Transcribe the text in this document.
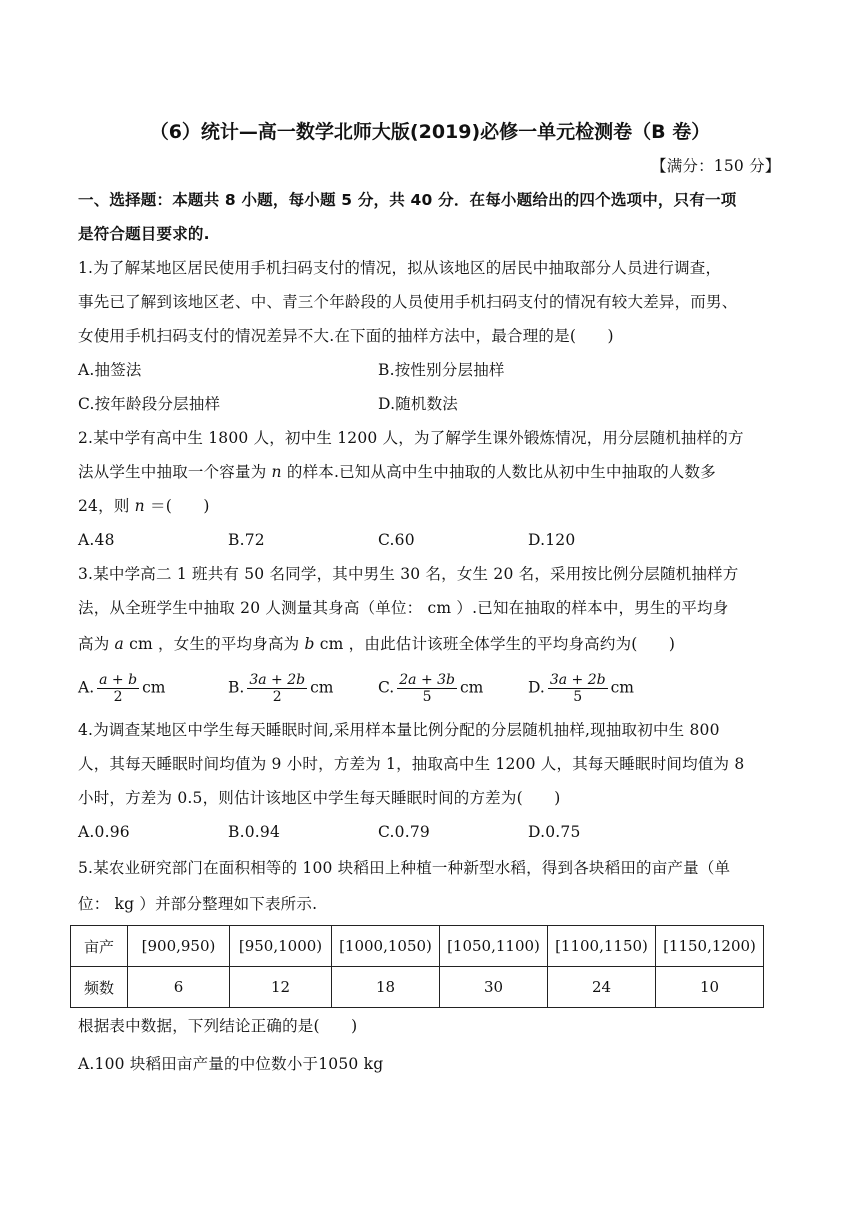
（6）统计—高一数学北师大版(2019)必修一单元检测卷（B 卷）
【满分：150 分】
一、选择题：本题共 8 小题，每小题 5 分，共 40 分．在每小题给出的四个选项中，只有一项
是符合题目要求的.
1.为了解某地区居民使用手机扫码支付的情况，拟从该地区的居民中抽取部分人员进行调查，
事先已了解到该地区老、中、青三个年龄段的人员使用手机扫码支付的情况有较大差异，而男、
女使用手机扫码支付的情况差异不大.在下面的抽样方法中，最合理的是(　　)
A.抽签法	B.按性别分层抽样
C.按年龄段分层抽样	D.随机数法
2.某中学有高中生 1800 人，初中生 1200 人，为了解学生课外锻炼情况，用分层随机抽样的方
法从学生中抽取一个容量为 n 的样本.已知从高中生中抽取的人数比从初中生中抽取的人数多
24，则 n ＝(　　)
A.48	B.72	C.60	D.120
3.某中学高二 1 班共有 50 名同学，其中男生 30 名，女生 20 名，采用按比例分层随机抽样方
法，从全班学生中抽取 20 人测量其身高（单位： cm ）.已知在抽取的样本中，男生的平均身
高为 a cm ，女生的平均身高为 b cm ，由此估计该班全体学生的平均身高约为(　　)
A. $\frac{a + b}{2}$ cm	B. $\frac{3a + 2b}{2}$ cm	C. $\frac{2a + 3b}{5}$ cm	D. $\frac{3a + 2b}{5}$ cm
4.为调查某地区中学生每天睡眠时间,采用样本量比例分配的分层随机抽样,现抽取初中生 800
人，其每天睡眠时间均值为 9 小时，方差为 1，抽取高中生 1200 人，其每天睡眠时间均值为 8
小时，方差为 0.5，则估计该地区中学生每天睡眠时间的方差为(　　)
A.0.96	B.0.94	C.0.79	D.0.75
5.某农业研究部门在面积相等的 100 块稻田上种植一种新型水稻，得到各块稻田的亩产量（单
位： kg ）并部分整理如下表所示.
亩产	[900,950)	[950,1000)	[1000,1050)	[1050,1100)	[1100,1150)	[1150,1200)
频数	6	12	18	30	24	10
根据表中数据，下列结论正确的是(　　)
A.100 块稻田亩产量的中位数小于1050 kg
